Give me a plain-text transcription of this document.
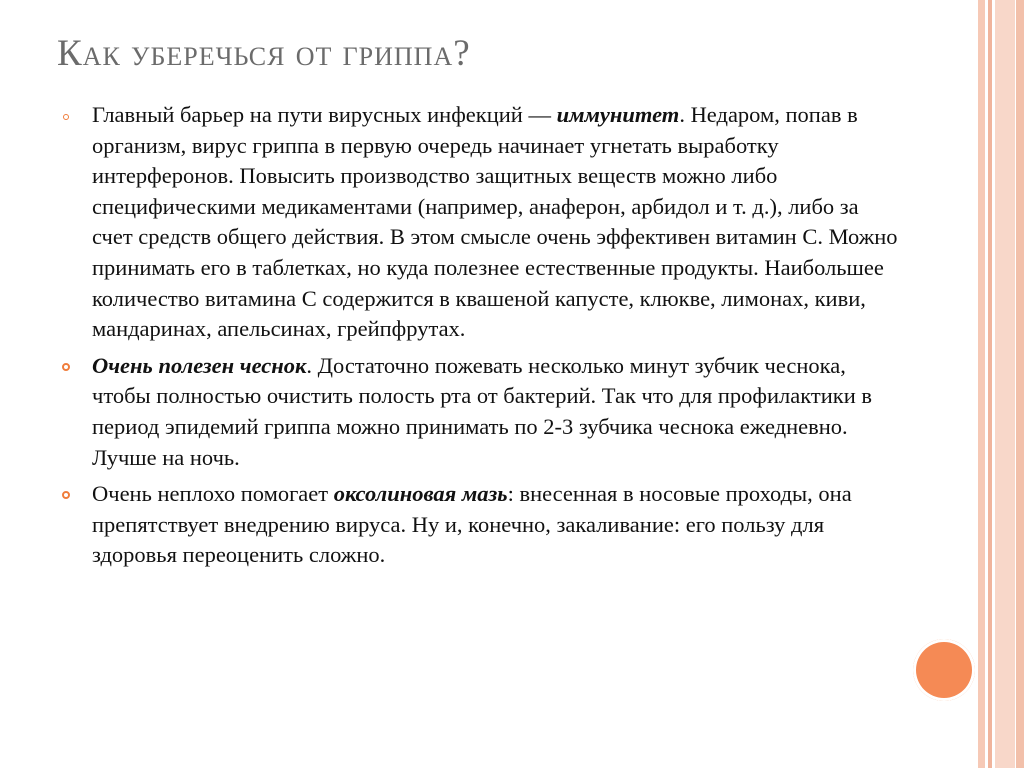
Как уберечься от гриппа?
Главный барьер на пути вирусных инфекций — иммунитет. Недаром, попав в организм, вирус гриппа в первую очередь начинает угнетать выработку интерферонов. Повысить производство защитных веществ можно либо специфическими медикаментами (например, анаферон, арбидол и т. д.), либо за счет средств общего действия. В этом смысле очень эффективен витамин С. Можно принимать его в таблетках, но куда полезнее естественные продукты. Наибольшее количество витамина С содержится в квашеной капусте, клюкве, лимонах, киви, мандаринах, апельсинах, грейпфрутах.
Очень полезен чеснок. Достаточно пожевать несколько минут зубчик чеснока, чтобы полностью очистить полость рта от бактерий. Так что для профилактики в период эпидемий гриппа можно принимать по 2-3 зубчика чеснока ежедневно. Лучше на ночь.
Очень неплохо помогает оксолиновая мазь: внесенная в носовые проходы, она препятствует внедрению вируса. Ну и, конечно, закаливание: его пользу для здоровья переоценить сложно.
